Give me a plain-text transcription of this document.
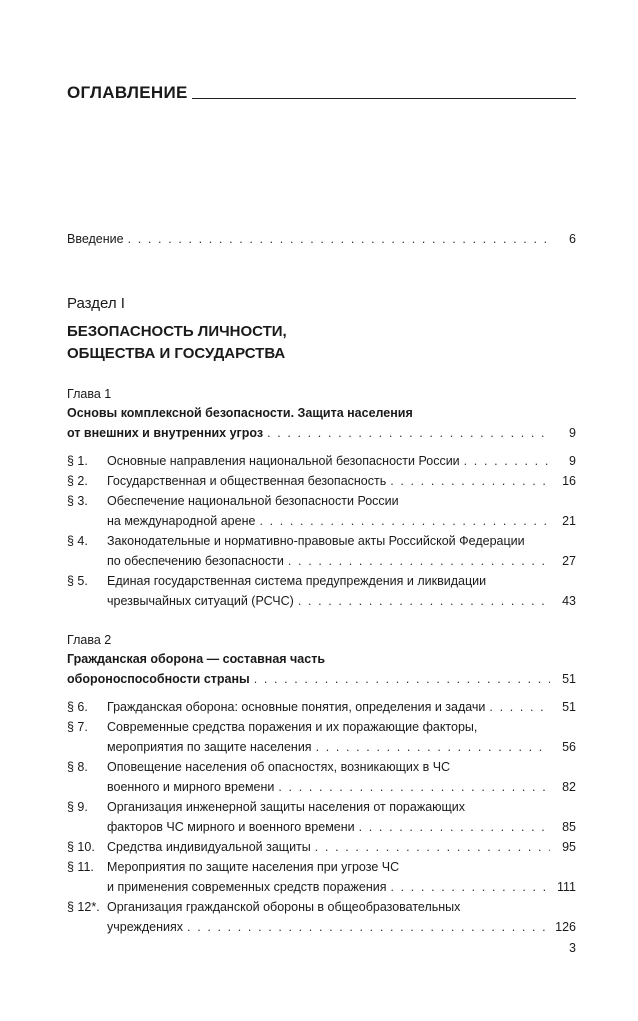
ОГЛАВЛЕНИЕ
Введение . . .	6
Раздел I
БЕЗОПАСНОСТЬ ЛИЧНОСТИ,
ОБЩЕСТВА И ГОСУДАРСТВА
Глава 1
Основы комплексной безопасности. Защита населения
от внешних и внутренних угроз . . .	9
§ 1.	Основные направления национальной безопасности России . . .	9
§ 2.	Государственная и общественная безопасность . . .	16
§ 3.	Обеспечение национальной безопасности России
на международной арене . . .	21
§ 4.	Законодательные и нормативно-правовые акты Российской Федерации
по обеспечению безопасности . . .	27
§ 5.	Единая государственная система предупреждения и ликвидации
чрезвычайных ситуаций (РСЧС) . . .	43
Глава 2
Гражданская оборона — составная часть
обороноспособности страны . . .	51
§ 6.	Гражданская оборона: основные понятия, определения и задачи . . .	51
§ 7.	Современные средства поражения и их поражающие факторы,
мероприятия по защите населения . . .	56
§ 8.	Оповещение населения об опасностях, возникающих в ЧС
военного и мирного времени . . .	82
§ 9.	Организация инженерной защиты населения от поражающих
факторов ЧС мирного и военного времени . . .	85
§ 10. Средства индивидуальной защиты . . .	95
§ 11.	Мероприятия по защите населения при угрозе ЧС
и применения современных средств поражения . . .	111
§ 12*. Организация гражданской обороны в общеобразовательных
учреждениях . . .	126
3
